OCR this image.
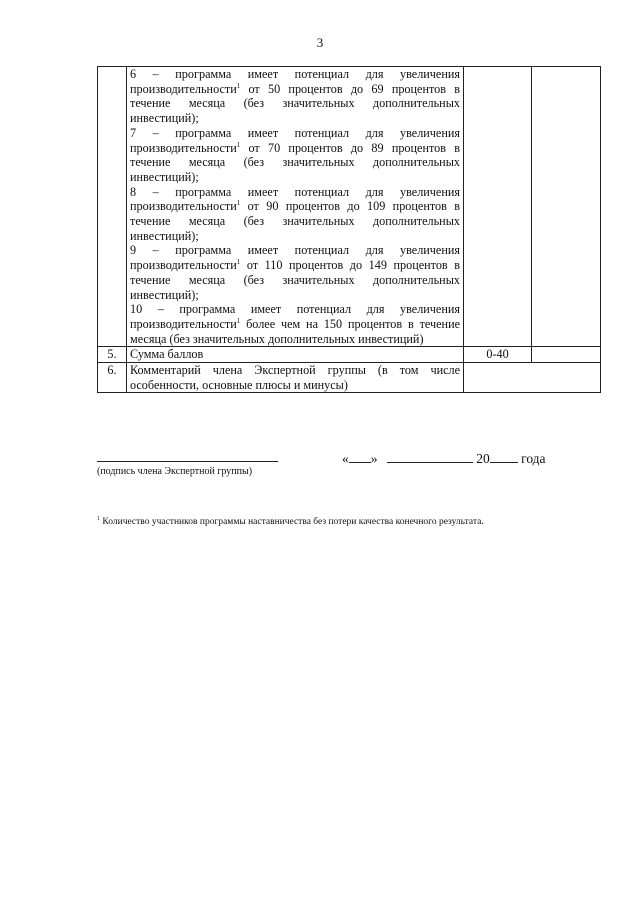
3

	6 – программа имеет потенциал для увеличения производительности$^1$ от 50 процентов до 69 процентов в течение месяца (без значительных дополнительных инвестиций);

7 – программа имеет потенциал для увеличения производительности$^1$ от 70 процентов до 89 процентов в течение месяца (без значительных дополнительных инвестиций);

8 – программа имеет потенциал для увеличения производительности$^1$ от 90 процентов до 109 процентов в течение месяца (без значительных дополнительных инвестиций);

9 – программа имеет потенциал для увеличения производительности$^1$ от 110 процентов до 149 процентов в течение месяца (без значительных дополнительных инвестиций);

10 – программа имеет потенциал для увеличения производительности$^1$ более чем на 150 процентов в течение месяца (без значительных дополнительных инвестиций)		

5.	Сумма баллов	0-40	
6.	Комментарий члена Экспертной группы (в том числе особенности, основные плюсы и минусы)		
(подпись члена Экспертной группы)
« »	20 года
$^1$ Количество участников программы наставничества без потери качества конечного результата.
